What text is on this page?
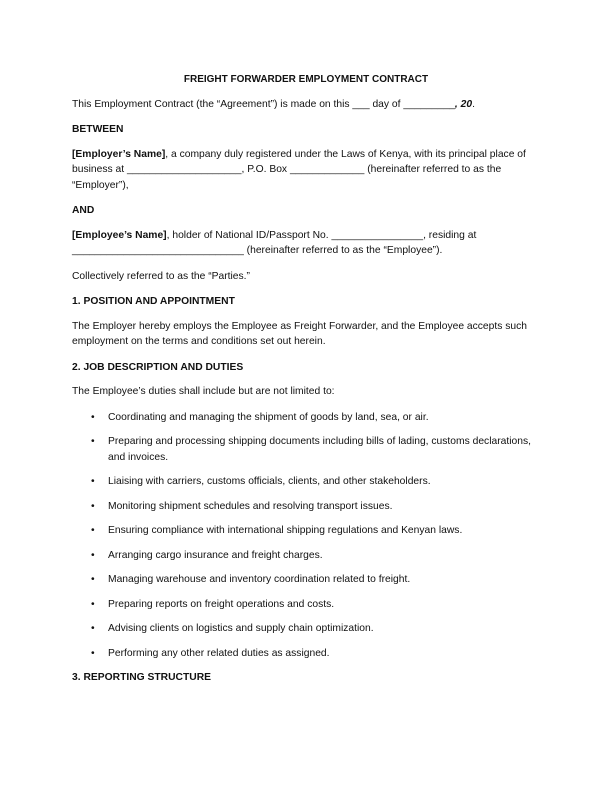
FREIGHT FORWARDER EMPLOYMENT CONTRACT

This Employment Contract (the “Agreement”) is made on this ___ day of _________, 20.

BETWEEN

[Employer’s Name], a company duly registered under the Laws of Kenya, with its principal place of business at ____________________, P.O. Box _____________ (hereinafter referred to as the “Employer”),

AND

[Employee’s Name], holder of National ID/Passport No. ________________, residing at ______________________________ (hereinafter referred to as the “Employee”).

Collectively referred to as the “Parties.”

1. POSITION AND APPOINTMENT

The Employer hereby employs the Employee as Freight Forwarder, and the Employee accepts such employment on the terms and conditions set out herein.

2. JOB DESCRIPTION AND DUTIES

The Employee’s duties shall include but are not limited to:

• Coordinating and managing the shipment of goods by land, sea, or air.
• Preparing and processing shipping documents including bills of lading, customs declarations, and invoices.
• Liaising with carriers, customs officials, clients, and other stakeholders.
• Monitoring shipment schedules and resolving transport issues.
• Ensuring compliance with international shipping regulations and Kenyan laws.
• Arranging cargo insurance and freight charges.
• Managing warehouse and inventory coordination related to freight.
• Preparing reports on freight operations and costs.
• Advising clients on logistics and supply chain optimization.
• Performing any other related duties as assigned.

3. REPORTING STRUCTURE
